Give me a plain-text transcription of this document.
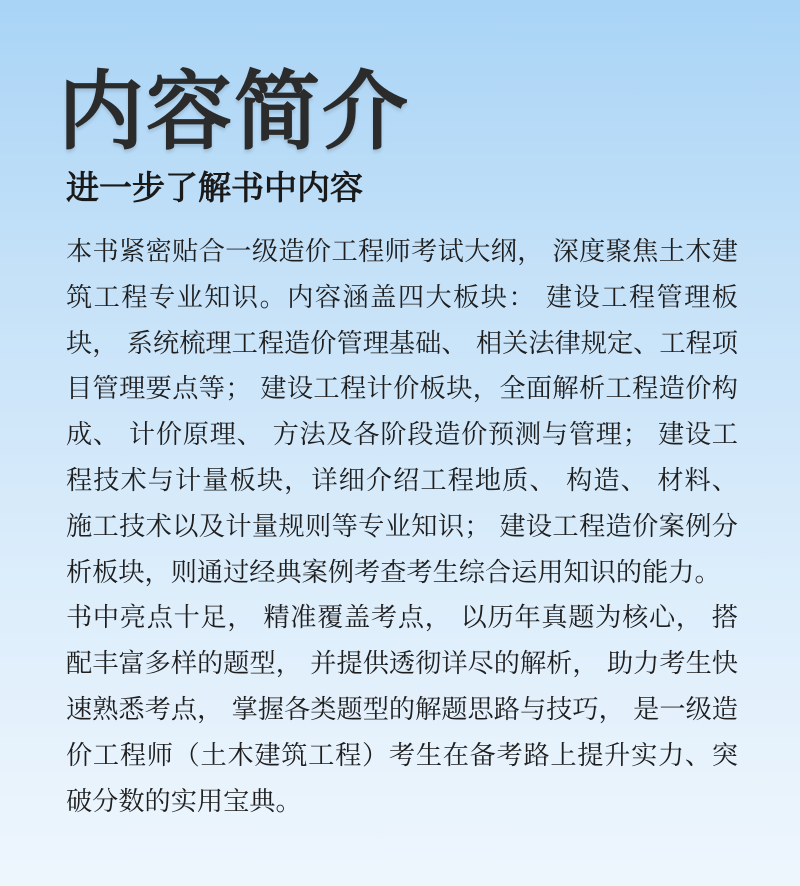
内容简介
进一步了解书中内容

本书紧密贴合一级造价工程师考试大纲， 深度聚焦土木建筑工程专业知识。内容涵盖四大板块： 建设工程管理板块， 系统梳理工程造价管理基础、 相关法律规定、工程项目管理要点等； 建设工程计价板块，全面解析工程造价构成、 计价原理、 方法及各阶段造价预测与管理； 建设工程技术与计量板块，详细介绍工程地质、 构造、 材料、 施工技术以及计量规则等专业知识； 建设工程造价案例分析板块，则通过经典案例考查考生综合运用知识的能力。

书中亮点十足， 精准覆盖考点， 以历年真题为核心， 搭配丰富多样的题型， 并提供透彻详尽的解析， 助力考生快速熟悉考点， 掌握各类题型的解题思路与技巧， 是一级造价工程师（土木建筑工程）考生在备考路上提升实力、突破分数的实用宝典。
